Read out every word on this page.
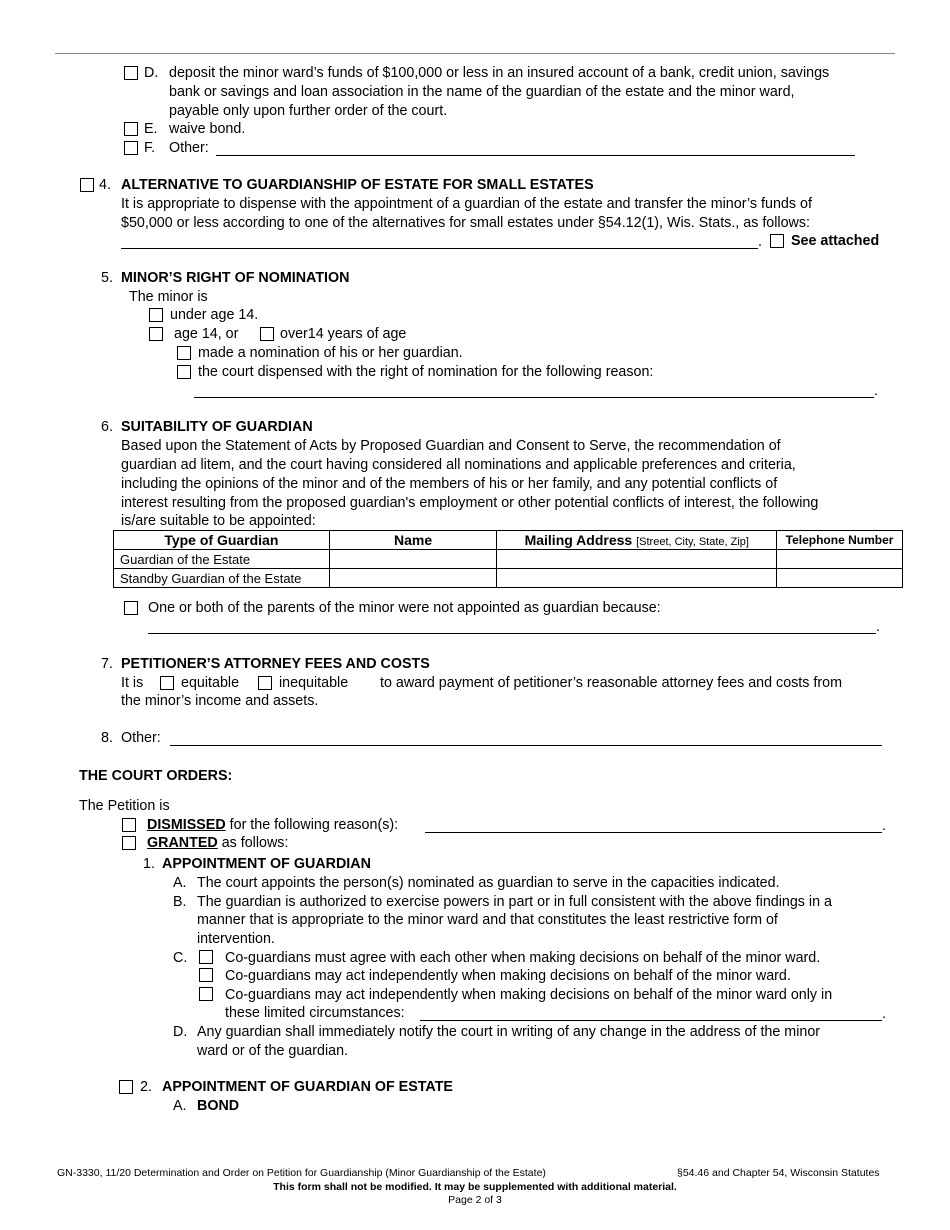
D. deposit the minor ward’s funds of $100,000 or less in an insured account of a bank, credit union, savings
bank or savings and loan association in the name of the guardian of the estate and the minor ward,
payable only upon further order of the court.
E. waive bond.
F. Other:
4. ALTERNATIVE TO GUARDIANSHIP OF ESTATE FOR SMALL ESTATES
It is appropriate to dispense with the appointment of a guardian of the estate and transfer the minor’s funds of
$50,000 or less according to one of the alternatives for small estates under §54.12(1), Wis. Stats., as follows:
. See attached
5. MINOR’S RIGHT OF NOMINATION
The minor is
under age 14.
age 14, or	over14 years of age
made a nomination of his or her guardian.
the court dispensed with the right of nomination for the following reason:
.
6. SUITABILITY OF GUARDIAN
Based upon the Statement of Acts by Proposed Guardian and Consent to Serve, the recommendation of
guardian ad litem, and the court having considered all nominations and applicable preferences and criteria,
including the opinions of the minor and of the members of his or her family, and any potential conflicts of
interest resulting from the proposed guardian's employment or other potential conflicts of interest, the following
is/are suitable to be appointed:
Type of Guardian	Name	Mailing Address [Street, City, State, Zip]	Telephone Number
Guardian of the Estate			
Standby Guardian of the Estate			
One or both of the parents of the minor were not appointed as guardian because:
.
7. PETITIONER’S ATTORNEY FEES AND COSTS
It is	equitable	inequitable to award payment of petitioner’s reasonable attorney fees and costs from
the minor’s income and assets.
8. Other:
THE COURT ORDERS:
The Petition is
DISMISSED for the following reason(s):	.
GRANTED as follows:
1. APPOINTMENT OF GUARDIAN
A. The court appoints the person(s) nominated as guardian to serve in the capacities indicated.
B. The guardian is authorized to exercise powers in part or in full consistent with the above findings in a
manner that is appropriate to the minor ward and that constitutes the least restrictive form of
intervention.
C.	Co-guardians must agree with each other when making decisions on behalf of the minor ward.
Co-guardians may act independently when making decisions on behalf of the minor ward.
Co-guardians may act independently when making decisions on behalf of the minor ward only in
these limited circumstances:	.
D. Any guardian shall immediately notify the court in writing of any change in the address of the minor
ward or of the guardian.
2. APPOINTMENT OF GUARDIAN OF ESTATE
A. BOND
GN-3330, 11/20 Determination and Order on Petition for Guardianship (Minor Guardianship of the Estate)	§54.46 and Chapter 54, Wisconsin Statutes
This form shall not be modified. It may be supplemented with additional material.
Page 2 of 3
